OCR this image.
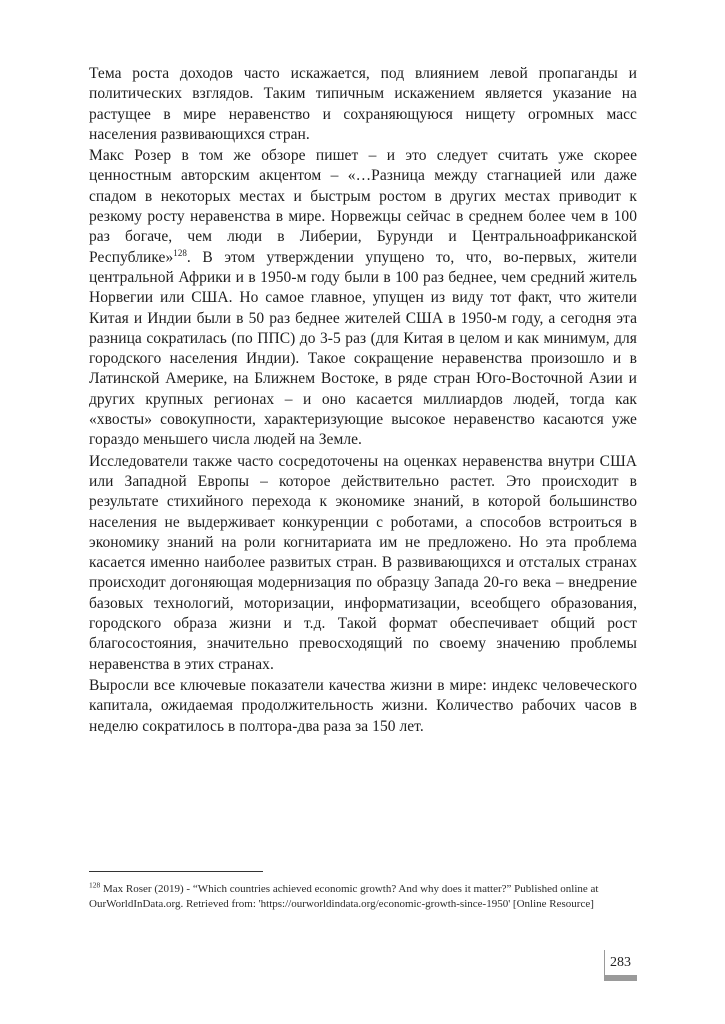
Тема роста доходов часто искажается, под влиянием левой пропаганды и политических взглядов. Таким типичным искажением является указание на растущее в мире неравенство и сохраняющуюся нищету огромных масс населения развивающихся стран.

Макс Розер в том же обзоре пишет – и это следует считать уже скорее ценностным авторским акцентом – «…Разница между стагнацией или даже спадом в некоторых местах и быстрым ростом в других местах приводит к резкому росту неравенства в мире. Норвежцы сейчас в среднем более чем в 100 раз богаче, чем люди в Либерии, Бурунди и Центральноафриканской Республике»$^{128}$. В этом утверждении упущено то, что, во-первых, жители центральной Африки и в 1950-м году были в 100 раз беднее, чем средний житель Норвегии или США. Но самое главное, упущен из виду тот факт, что жители Китая и Индии были в 50 раз беднее жителей США в 1950-м году, а сегодня эта разница сократилась (по ППС) до 3-5 раз (для Китая в целом и как минимум, для городского населения Индии). Такое сокращение неравенства произошло и в Латинской Америке, на Ближнем Востоке, в ряде стран Юго-Восточной Азии и других крупных регионах – и оно касается миллиардов людей, тогда как «хвосты» совокупности, характеризующие высокое неравенство касаются уже гораздо меньшего числа людей на Земле.

Исследователи также часто сосредоточены на оценках неравенства внутри США или Западной Европы – которое действительно растет. Это происходит в результате стихийного перехода к экономике знаний, в которой большинство населения не выдерживает конкуренции с роботами, а способов встроиться в экономику знаний на роли когнитариата им не предложено. Но эта проблема касается именно наиболее развитых стран. В развивающихся и отсталых странах происходит догоняющая модернизация по образцу Запада 20-го века – внедрение базовых технологий, моторизации, информатизации, всеобщего образования, городского образа жизни и т.д. Такой формат обеспечивает общий рост благосостояния, значительно превосходящий по своему значению проблемы неравенства в этих странах.

Выросли все ключевые показатели качества жизни в мире: индекс человеческого капитала, ожидаемая продолжительность жизни. Количество рабочих часов в неделю сократилось в полтора-два раза за 150 лет.

$^{128}$ Max Roser (2019) - “Which countries achieved economic growth? And why does it matter?” Published online at OurWorldInData.org. Retrieved from: 'https://ourworldindata.org/economic-growth-since-1950' [Online Resource]
283
